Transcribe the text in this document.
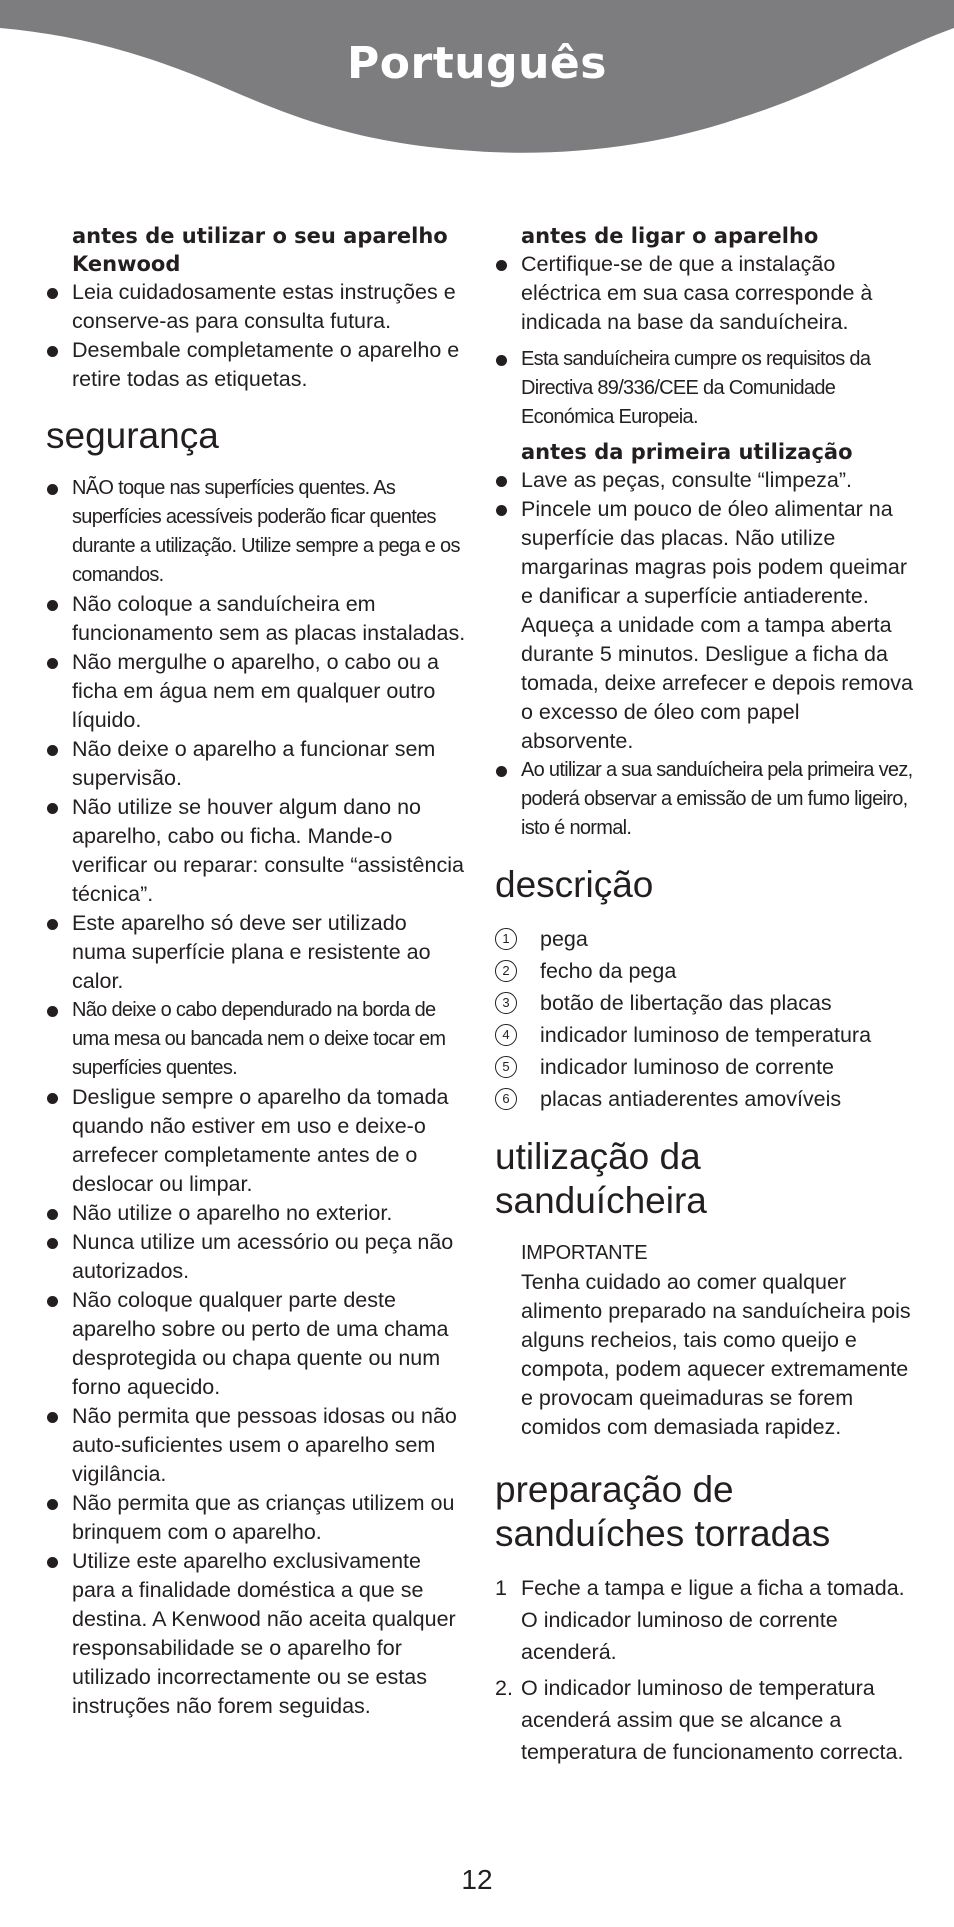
Português
antes de utilizar o seu aparelho Kenwood
Leia cuidadosamente estas instruções e conserve-as para consulta futura.
Desembale completamente o aparelho e retire todas as etiquetas.
segurança
NÃO toque nas superfícies quentes. As superfícies acessíveis poderão ficar quentes durante a utilização. Utilize sempre a pega e os comandos.
Não coloque a sanduícheira em funcionamento sem as placas instaladas.
Não mergulhe o aparelho, o cabo ou a ficha em água nem em qualquer outro líquido.
Não deixe o aparelho a funcionar sem supervisão.
Não utilize se houver algum dano no aparelho, cabo ou ficha. Mande-o verificar ou reparar: consulte “assistência técnica”.
Este aparelho só deve ser utilizado numa superfície plana e resistente ao calor.
Não deixe o cabo dependurado na borda de uma mesa ou bancada nem o deixe tocar em superfícies quentes.
Desligue sempre o aparelho da tomada quando não estiver em uso e deixe-o arrefecer completamente antes de o deslocar ou limpar.
Não utilize o aparelho no exterior.
Nunca utilize um acessório ou peça não autorizados.
Não coloque qualquer parte deste aparelho sobre ou perto de uma chama desprotegida ou chapa quente ou num forno aquecido.
Não permita que pessoas idosas ou não auto-suficientes usem o aparelho sem vigilância.
Não permita que as crianças utilizem ou brinquem com o aparelho.
Utilize este aparelho exclusivamente para a finalidade doméstica a que se destina. A Kenwood não aceita qualquer responsabilidade se o aparelho for utilizado incorrectamente ou se estas instruções não forem seguidas.
antes de ligar o aparelho
Certifique-se de que a instalação eléctrica em sua casa corresponde à indicada na base da sanduícheira.
Esta sanduícheira cumpre os requisitos da Directiva 89/336/CEE da Comunidade Económica Europeia.
antes da primeira utilização
Lave as peças, consulte “limpeza”.
Pincele um pouco de óleo alimentar na superfície das placas. Não utilize margarinas magras pois podem queimar e danificar a superfície antiaderente. Aqueça a unidade com a tampa aberta durante 5 minutos. Desligue a ficha da tomada, deixe arrefecer e depois remova o excesso de óleo com papel absorvente.
Ao utilizar a sua sanduícheira pela primeira vez, poderá observar a emissão de um fumo ligeiro, isto é normal.
descrição
1	pega
2	fecho da pega
3	botão de libertação das placas
4	indicador luminoso de temperatura
5	indicador luminoso de corrente
6	placas antiaderentes amovíveis
utilização da sanduícheira
IMPORTANTE
Tenha cuidado ao comer qualquer alimento preparado na sanduícheira pois alguns recheios, tais como queijo e compota, podem aquecer extremamente e provocam queimaduras se forem comidos com demasiada rapidez.
preparação de
sanduíches torradas
1 Feche a tampa e ligue a ficha a tomada. O indicador luminoso de corrente acenderá.
2. O indicador luminoso de temperatura acenderá assim que se alcance a temperatura de funcionamento correcta.
12
